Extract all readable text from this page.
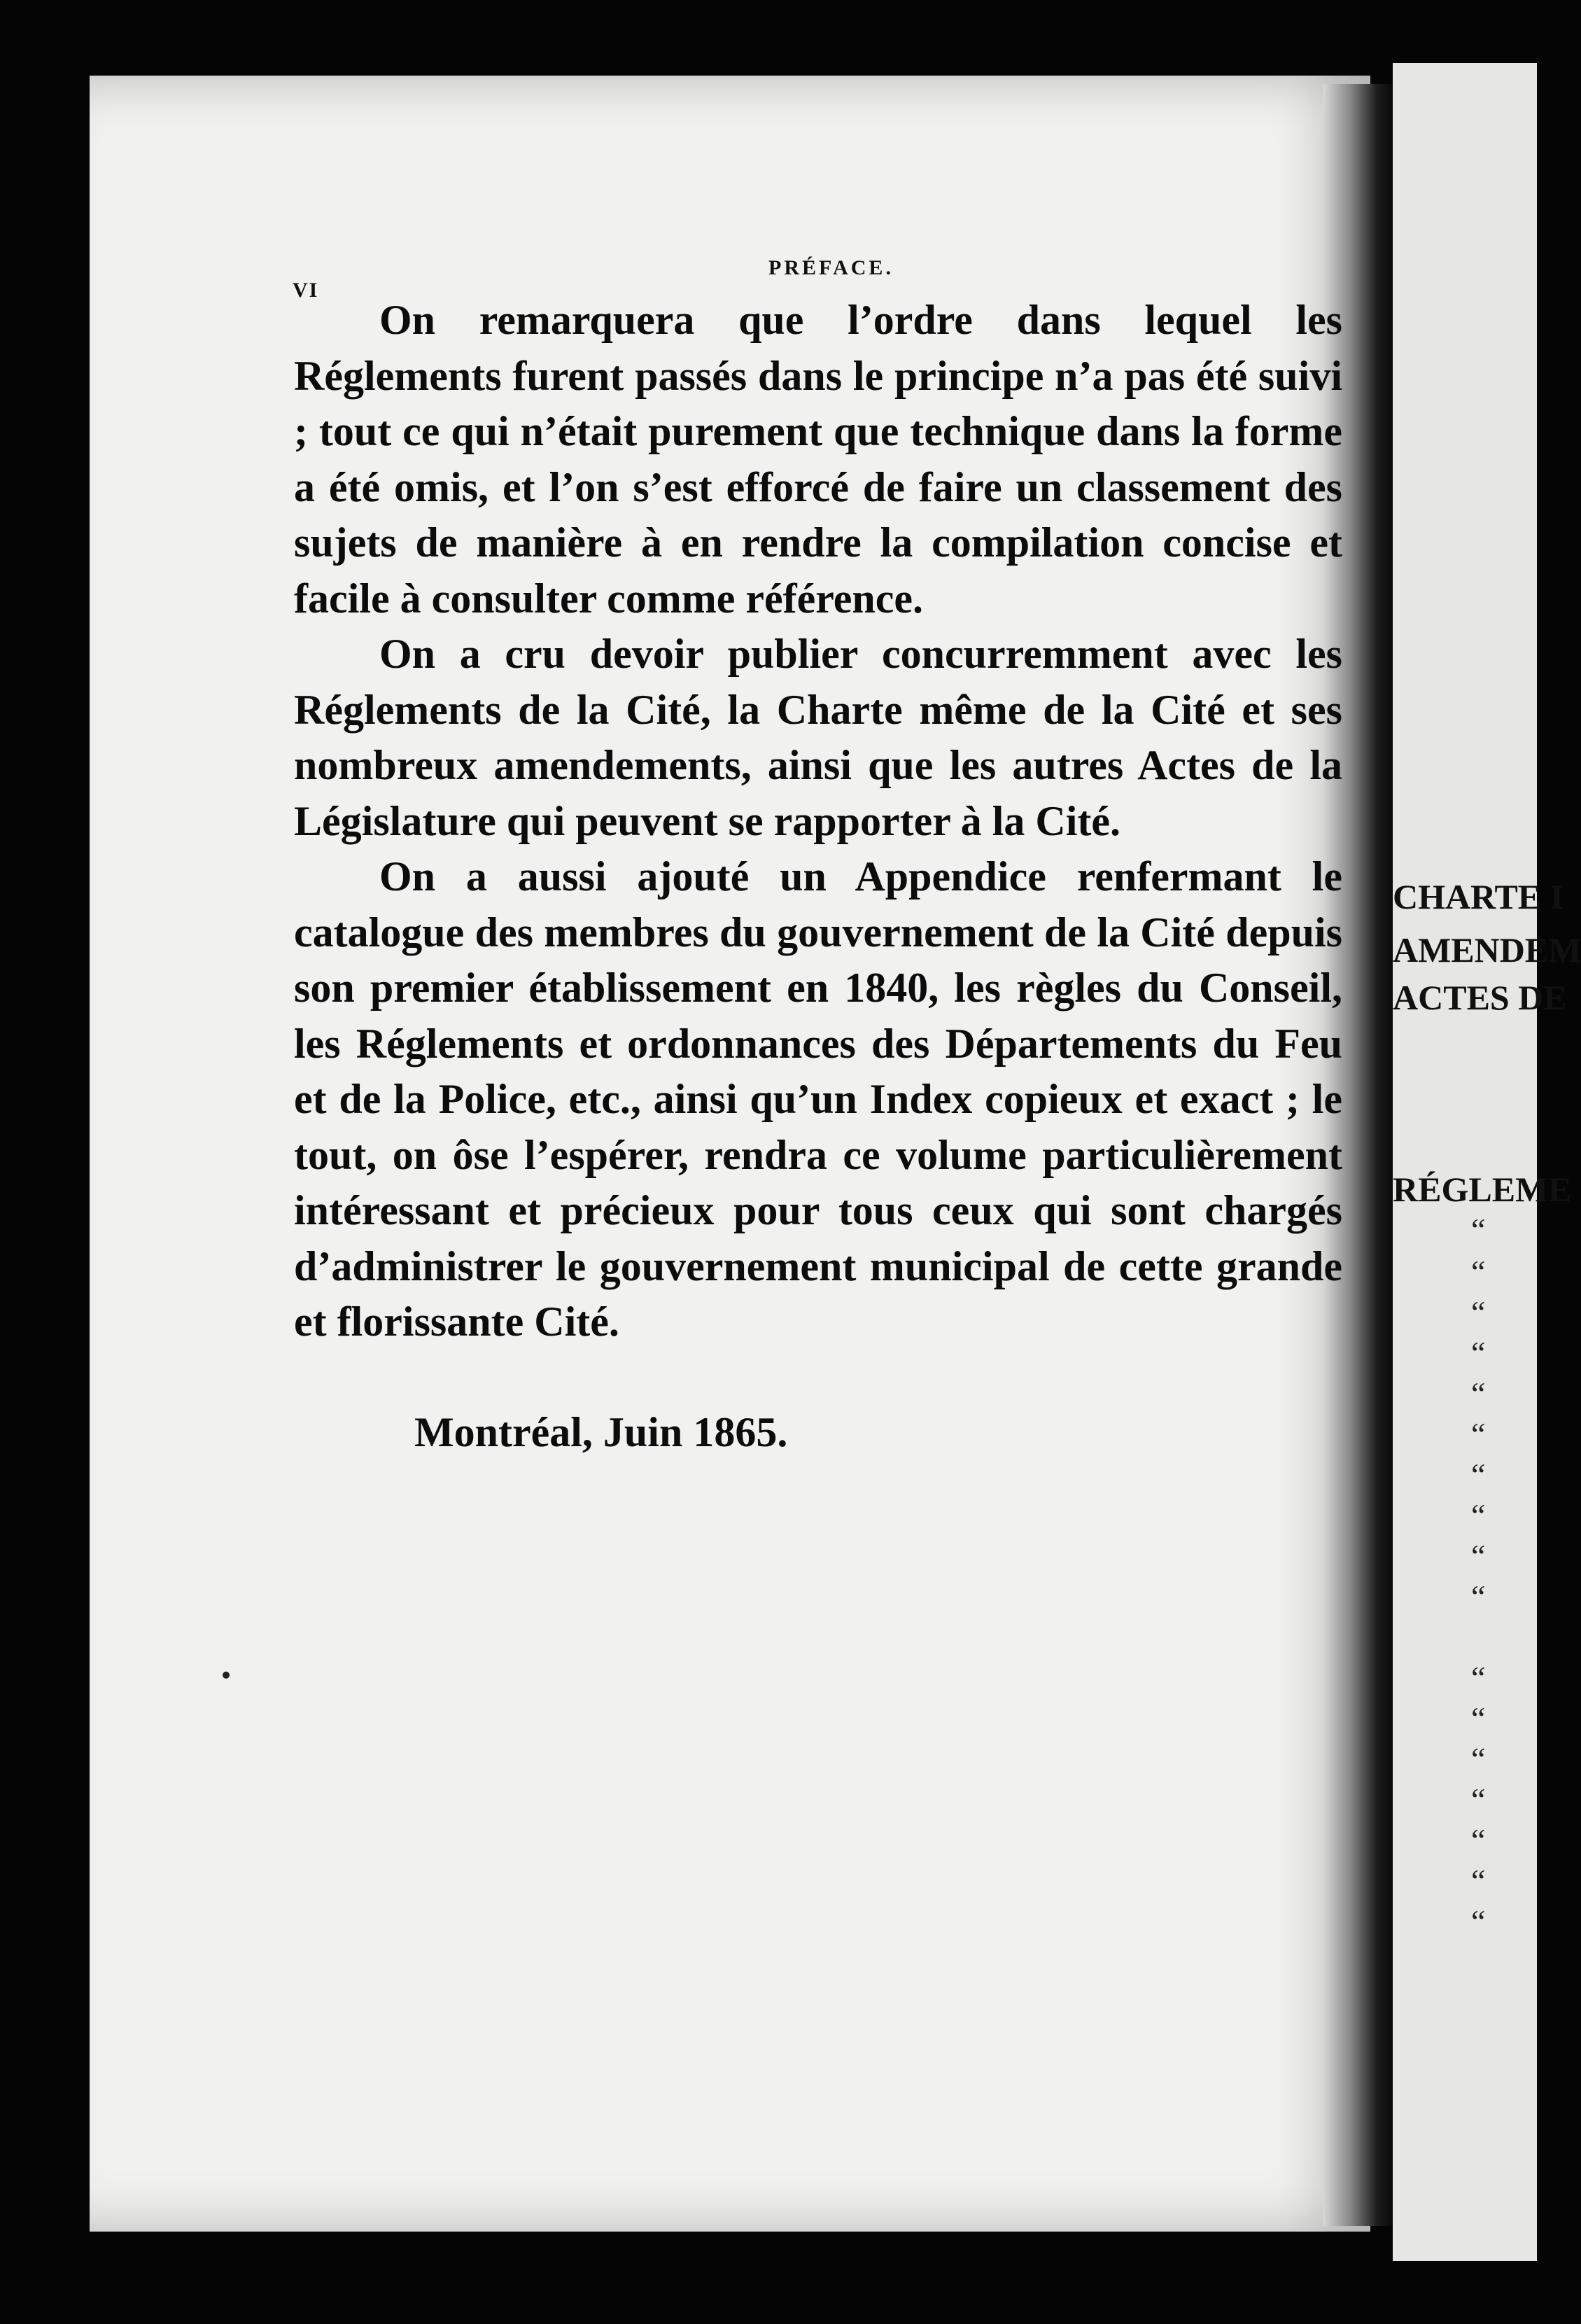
CHARTE I
AMENDEM
ACTES DE
RÉGLEME
“
“
“
“
“
“
“
“
“
“
“
“
“
“
“
“
“
VI
PRÉFACE.

On remarquera que l’ordre dans lequel les Réglements furent passés dans le principe n’a pas été suivi ; tout ce qui n’était purement que technique dans la forme a été omis, et l’on s’est efforcé de faire un classement des sujets de manière à en rendre la compilation concise et facile à consulter comme référence.

On a cru devoir publier concurremment avec les Réglements de la Cité, la Charte même de la Cité et ses nombreux amendements, ainsi que les autres Actes de la Législature qui peuvent se rapporter à la Cité.

On a aussi ajouté un Appendice renfermant le catalogue des membres du gouvernement de la Cité depuis son premier établissement en 1840, les règles du Conseil, les Réglements et ordonnances des Départements du Feu et de la Police, etc., ainsi qu’un Index copieux et exact ; le tout, on ôse l’espérer, rendra ce volume particulièrement intéressant et précieux pour tous ceux qui sont chargés d’administrer le gouvernement municipal de cette grande et florissante Cité.

Montréal, Juin 1865.
